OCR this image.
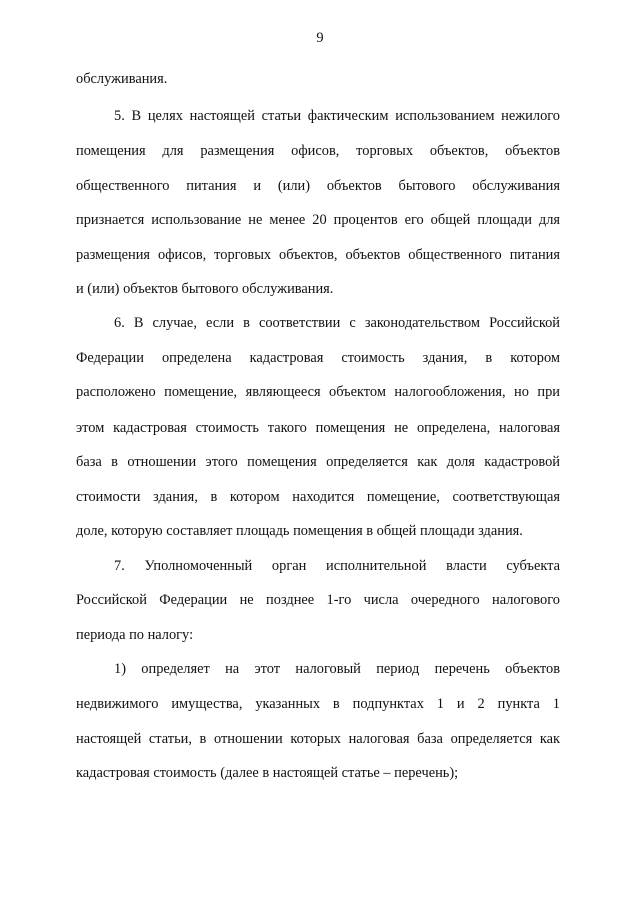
9
обслуживания.
5. В целях настоящей статьи фактическим использованием нежилого
помещения для размещения офисов, торговых объектов, объектов
общественного питания и (или) объектов бытового обслуживания
признается использование не менее 20 процентов его общей площади для
размещения офисов, торговых объектов, объектов общественного питания
и (или) объектов бытового обслуживания.
6. В случае, если в соответствии с законодательством Российской
Федерации определена кадастровая стоимость здания, в котором
расположено помещение, являющееся объектом налогообложения, но при
этом кадастровая стоимость такого помещения не определена, налоговая
база в отношении этого помещения определяется как доля кадастровой
стоимости здания, в котором находится помещение, соответствующая
доле, которую составляет площадь помещения в общей площади здания.
7. Уполномоченный орган исполнительной власти субъекта
Российской Федерации не позднее 1-го числа очередного налогового
периода по налогу:
1) определяет на этот налоговый период перечень объектов
недвижимого имущества, указанных в подпунктах 1 и 2 пункта 1
настоящей статьи, в отношении которых налоговая база определяется как
кадастровая стоимость (далее в настоящей статье – перечень);
